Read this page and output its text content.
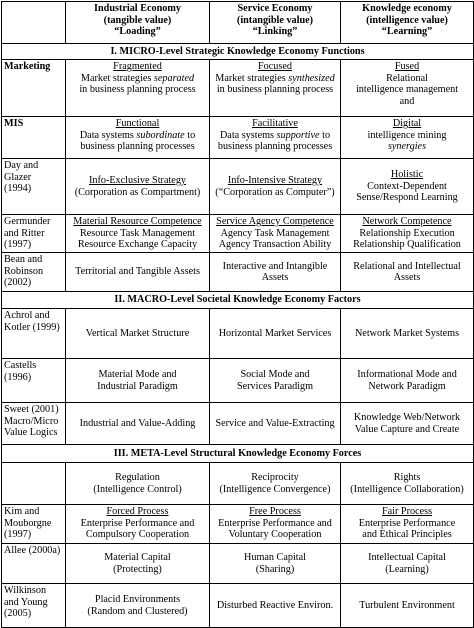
	Industrial Economy
(tangible value)
“Loading”	Service Economy
(intangible value)
“Linking”	Knowledge economy
(intelligence value)
“Learning”

I. MICRO-Level Strategic Knowledge Economy Functions			
Marketing	Fragmented
Market strategies separated
in business planning process	Focused
Market strategies synthesized
in business planning process	Fused
Relational
intelligence management
and

MIS	Functional
Data systems subordinate to
business planning processes	Facilitative
Data systems supportive to
business planning processes	Digital
intelligence mining
synergies

Day and
Glazer
(1994)	Info-Exclusive Strategy
(Corporation as Compartment)	Info-Intensive Strategy
(“Corporation as Computer”)	Holistic
Context-Dependent
Sense/Respond Learning

Germunder
and Ritter
(1997)	Material Resource Competence
Resource Task Management
Resource Exchange Capacity	Service Agency Competence
Agency Task Management
Agency Transaction Ability	Network Competence
Relationship Execution
Relationship Qualification

Bean and
Robinson
(2002)	Territorial and Tangible Assets	Interactive and Intangible
Assets	Relational and Intellectual
Assets

II. MACRO-Level Societal Knowledge Economy Factors			

Achrol and
Kotler (1999)	Vertical Market Structure	Horizontal Market Services	Network Market Systems

Castells
(1996)	Material Mode and
Industrial Paradigm	Social Mode and
Services Paradigm	Informational Mode and
Network Paradigm

Sweet (2001)
Macro/Micro
Value Logics	Industrial and Value-Adding	Service and Value-Extracting	Knowledge Web/Network
Value Capture and Create

III. META-Level Structural Knowledge Economy Forces			

	Regulation
(Intelligence Control)	Reciprocity
(Intelligence Convergence)	Rights
(Intelligence Collaboration)

Kim and
Mouborgne
(1997)	Forced Process
Enterprise Performance and
Compulsory Cooperation	Free Process
Enterprise Performance and
Voluntary Cooperation	Fair Process
Enterprise Performance
and Ethical Principles

Allee (2000a)	Material Capital
(Protecting)	Human Capital
(Sharing)	Intellectual Capital
(Learning)

Wilkinson
and Young
(2005)	Placid Environments
(Random and Clustered)	Disturbed Reactive Environ.	Turbulent Environment
